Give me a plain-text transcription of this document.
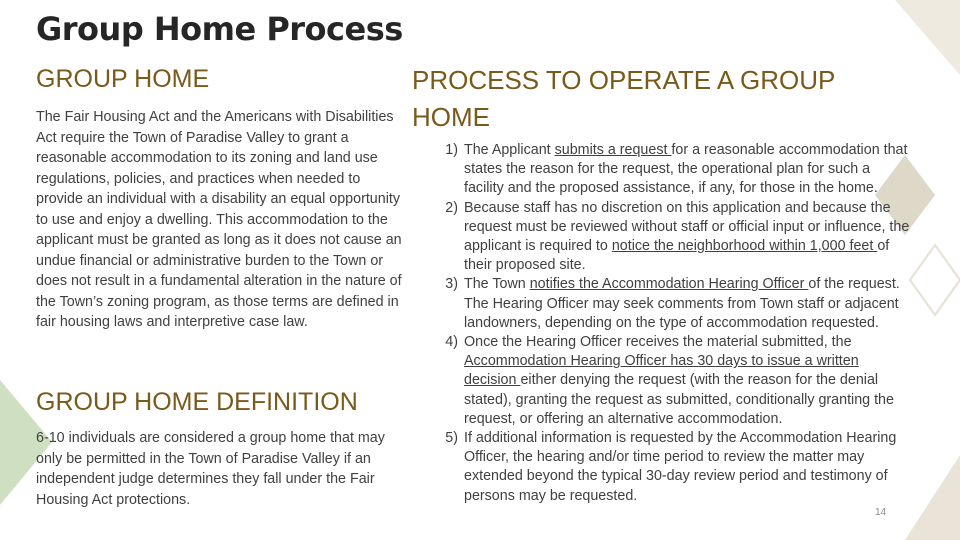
Group Home Process
GROUP HOME

The Fair Housing Act and the Americans with Disabilities Act require the Town of Paradise Valley to grant a reasonable accommodation to its zoning and land use regulations, policies, and practices when needed to provide an individual with a disability an equal opportunity to use and enjoy a dwelling. This accommodation to the applicant must be granted as long as it does not cause an undue financial or administrative burden to the Town or does not result in a fundamental alteration in the nature of the Town’s zoning program, as those terms are defined in fair housing laws and interpretive case law.

GROUP HOME DEFINITION

6-10 individuals are considered a group home that may only be permitted in the Town of Paradise Valley if an independent judge determines they fall under the Fair Housing Act protections.

PROCESS TO OPERATE A GROUP HOME
1) The Applicant submits a request for a reasonable accommodation that states the reason for the request, the operational plan for such a facility and the proposed assistance, if any, for those in the home.
2) Because staff has no discretion on this application and because the request must be reviewed without staff or official input or influence, the applicant is required to notice the neighborhood within 1,000 feet of their proposed site.
3) The Town notifies the Accommodation Hearing Officer of the request. The Hearing Officer may seek comments from Town staff or adjacent landowners, depending on the type of accommodation requested.
4) Once the Hearing Officer receives the material submitted, the Accommodation Hearing Officer has 30 days to issue a written decision either denying the request (with the reason for the denial stated), granting the request as submitted, conditionally granting the request, or offering an alternative accommodation.
5) If additional information is requested by the Accommodation Hearing Officer, the hearing and/or time period to review the matter may extended beyond the typical 30-day review period and testimony of persons may be requested.
14
